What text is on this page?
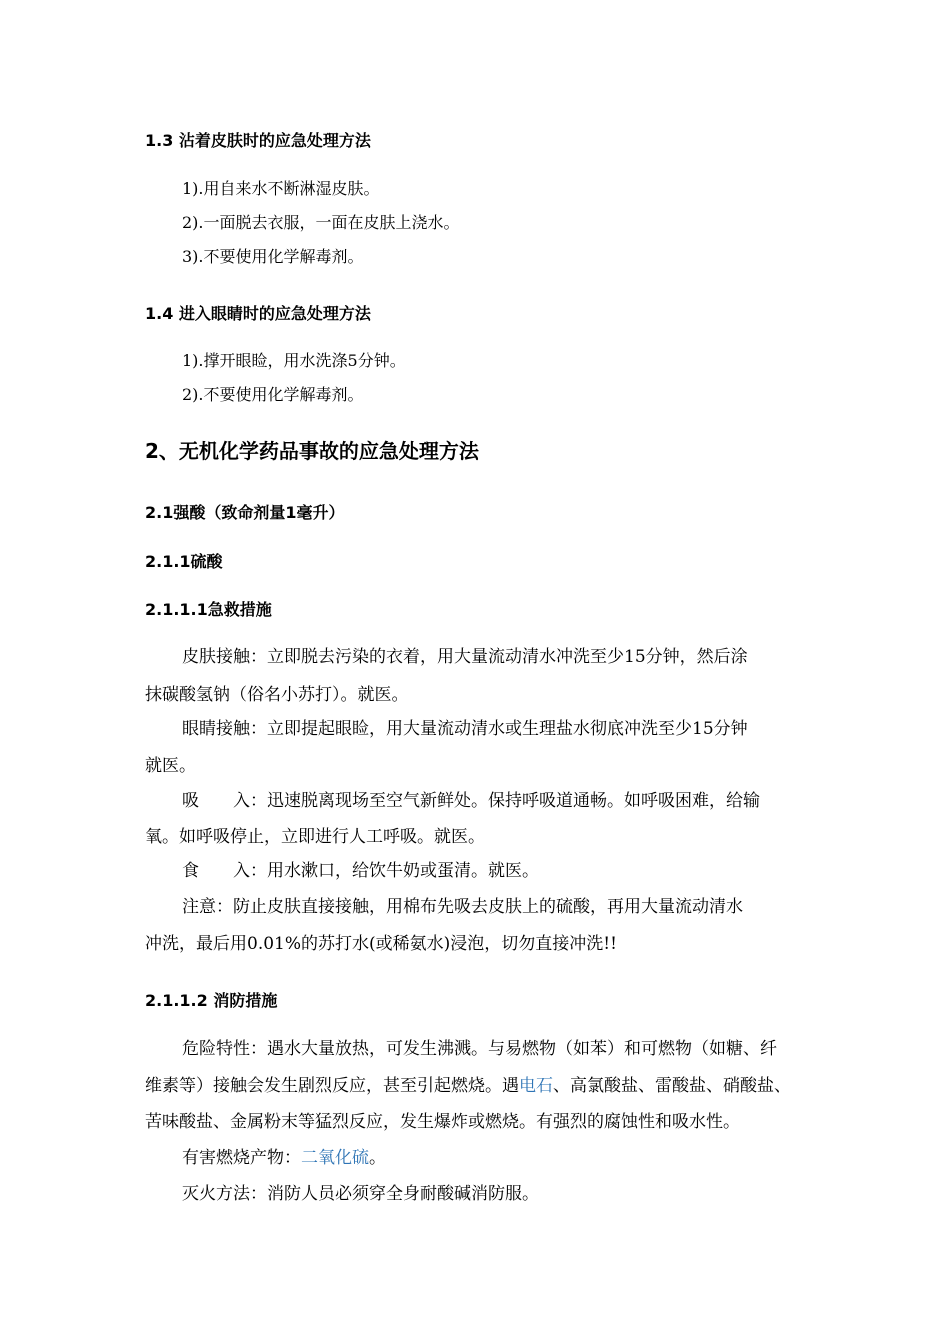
1.3 沾着皮肤时的应急处理方法
1).用自来水不断淋湿皮肤。
2).一面脱去衣服，一面在皮肤上浇水。
3).不要使用化学解毒剂。
1.4 进入眼睛时的应急处理方法
1).撑开眼睑，用水洗涤5分钟。
2).不要使用化学解毒剂。
2、无机化学药品事故的应急处理方法
2.1强酸（致命剂量1毫升）
2.1.1硫酸
2.1.1.1急救措施
皮肤接触：立即脱去污染的衣着，用大量流动清水冲洗至少15分钟，然后涂
抹碳酸氢钠（俗名小苏打）。就医。
眼睛接触：立即提起眼睑，用大量流动清水或生理盐水彻底冲洗至少15分钟
就医。
吸　　入：迅速脱离现场至空气新鲜处。保持呼吸道通畅。如呼吸困难，给输
氧。如呼吸停止，立即进行人工呼吸。就医。
食　　入：用水漱口，给饮牛奶或蛋清。就医。
注意：防止皮肤直接接触，用棉布先吸去皮肤上的硫酸，再用大量流动清水
冲洗，最后用0.01%的苏打水(或稀氨水)浸泡，切勿直接冲洗!!
2.1.1.2 消防措施
危险特性：遇水大量放热，可发生沸溅。与易燃物（如苯）和可燃物（如糖、纤
维素等）接触会发生剧烈反应，甚至引起燃烧。遇电石、高氯酸盐、雷酸盐、硝酸盐、
苦味酸盐、金属粉末等猛烈反应，发生爆炸或燃烧。有强烈的腐蚀性和吸水性。
有害燃烧产物：二氧化硫。
灭火方法：消防人员必须穿全身耐酸碱消防服。
